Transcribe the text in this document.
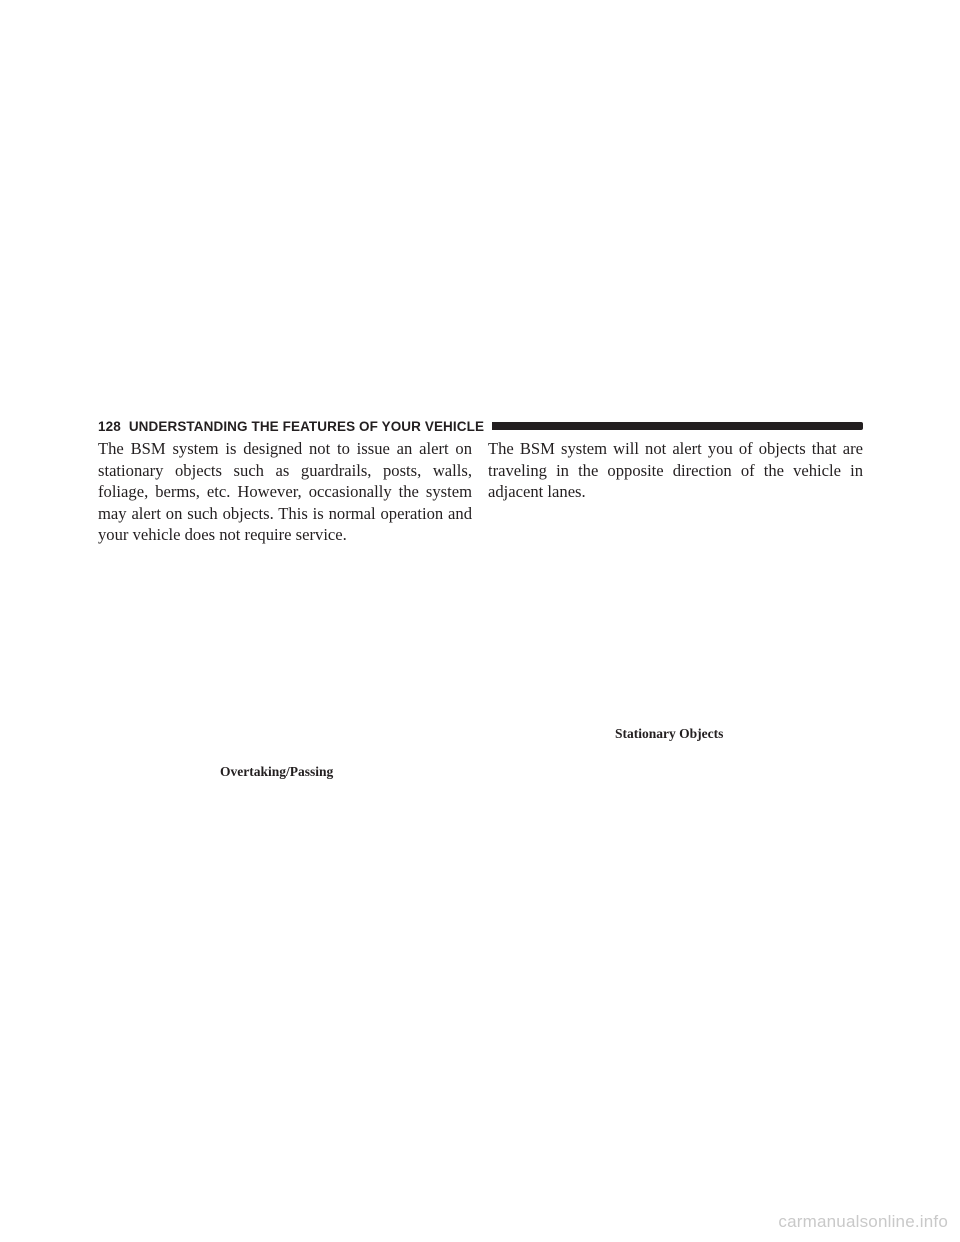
128 UNDERSTANDING THE FEATURES OF YOUR VEHICLE

The BSM system is designed not to issue an alert on stationary objects such as guardrails, posts, walls, foliage, berms, etc. However, occasionally the system may alert on such objects. This is normal operation and your vehicle does not require service.

The BSM system will not alert you of objects that are traveling in the opposite direction of the vehicle in adjacent lanes.

Stationary Objects
Overtaking/Passing
carmanualsonline.info
